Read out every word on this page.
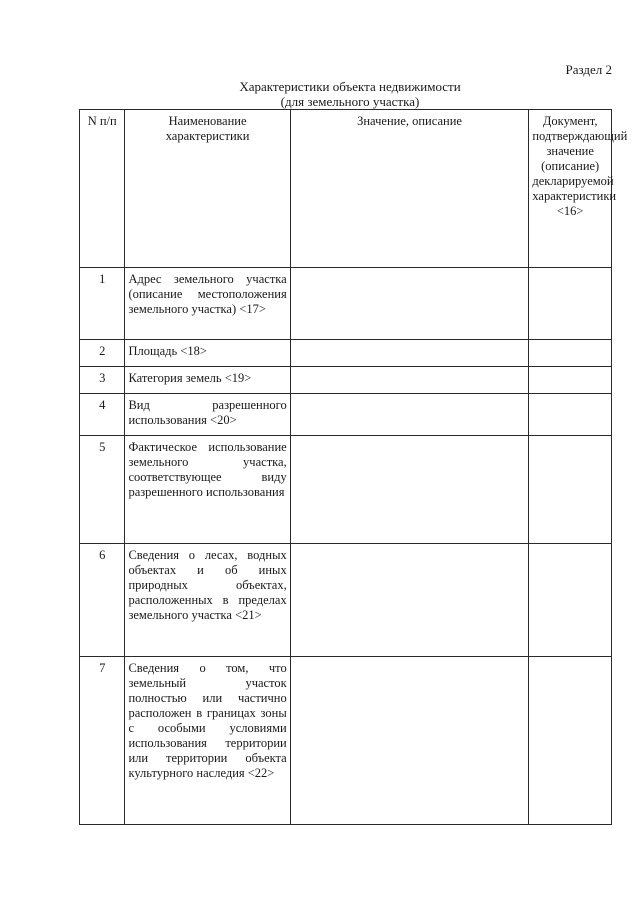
Раздел 2
Характеристики объекта недвижимости
(для земельного участка)
N п/п	Наименование характеристики	Значение, описание	Документ, подтверждающий значение (описание) декларируемой характеристики <16>
1	Адрес земельного участка (описание местоположения земельного участка) <17>		
2	Площадь <18>		
3	Категория земель <19>		
4	Вид разрешенного использования <20>		
5	Фактическое использование земельного участка, соответствующее виду разрешенного использования		
6	Сведения о лесах, водных объектах и об иных природных объектах, расположенных в пределах земельного участка <21>		
7	Сведения о том, что земельный участок полностью или частично расположен в границах зоны с особыми условиями использования территории или территории объекта культурного наследия <22>		
